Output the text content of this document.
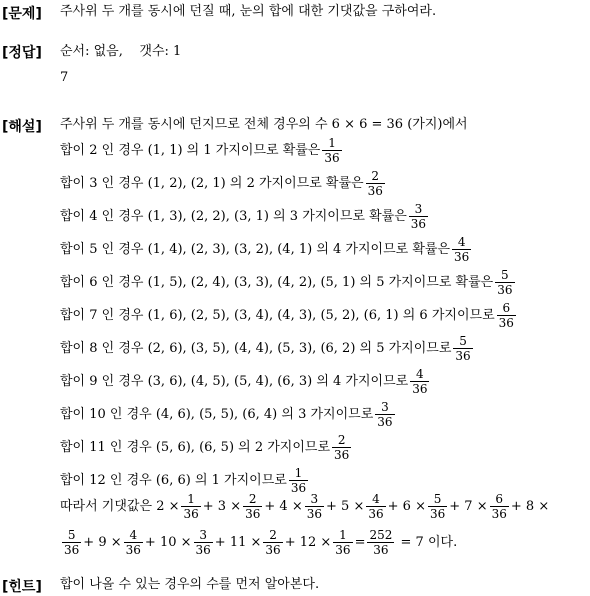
[문제] 주사위 두 개를 동시에 던질 때, 눈의 합에 대한 기댓값을 구하여라.
[정답] 순서: 없음,    갯수: 1
7
[해설] 주사위 두 개를 동시에 던지므로 전체 경우의 수 6 × 6 = 36 (가지)에서
합이 2 인 경우 (1, 1) 의 1 가지이므로 확률은 $\frac{1}{36}$
합이 3 인 경우 (1, 2), (2, 1) 의 2 가지이므로 확률은 $\frac{2}{36}$
합이 4 인 경우 (1, 3), (2, 2), (3, 1) 의 3 가지이므로 확률은 $\frac{3}{36}$
합이 5 인 경우 (1, 4), (2, 3), (3, 2), (4, 1) 의 4 가지이므로 확률은 $\frac{4}{36}$
합이 6 인 경우 (1, 5), (2, 4), (3, 3), (4, 2), (5, 1) 의 5 가지이므로 확률은 $\frac{5}{36}$
합이 7 인 경우 (1, 6), (2, 5), (3, 4), (4, 3), (5, 2), (6, 1) 의 6 가지이므로 $\frac{6}{36}$
합이 8 인 경우 (2, 6), (3, 5), (4, 4), (5, 3), (6, 2) 의 5 가지이므로 $\frac{5}{36}$
합이 9 인 경우 (3, 6), (4, 5), (5, 4), (6, 3) 의 4 가지이므로 $\frac{4}{36}$
합이 10 인 경우 (4, 6), (5, 5), (6, 4) 의 3 가지이므로 $\frac{3}{36}$
합이 11 인 경우 (5, 6), (6, 5) 의 2 가지이므로 $\frac{2}{36}$
합이 12 인 경우 (6, 6) 의 1 가지이므로 $\frac{1}{36}$
따라서 기댓값은 $2 \times \frac{1}{36} + 3 \times \frac{2}{36} + 4 \times \frac{3}{36} + 5 \times \frac{4}{36} + 6 \times \frac{5}{36} + 7 \times \frac{6}{36} + 8$ ×
$\frac{5}{36} + 9 \times \frac{4}{36} + 10 \times \frac{3}{36} + 11 \times \frac{2}{36} + 12 \times \frac{1}{36} = \frac{252}{36} = 7$ 이다.
[힌트] 합이 나올 수 있는 경우의 수를 먼저 알아본다.
